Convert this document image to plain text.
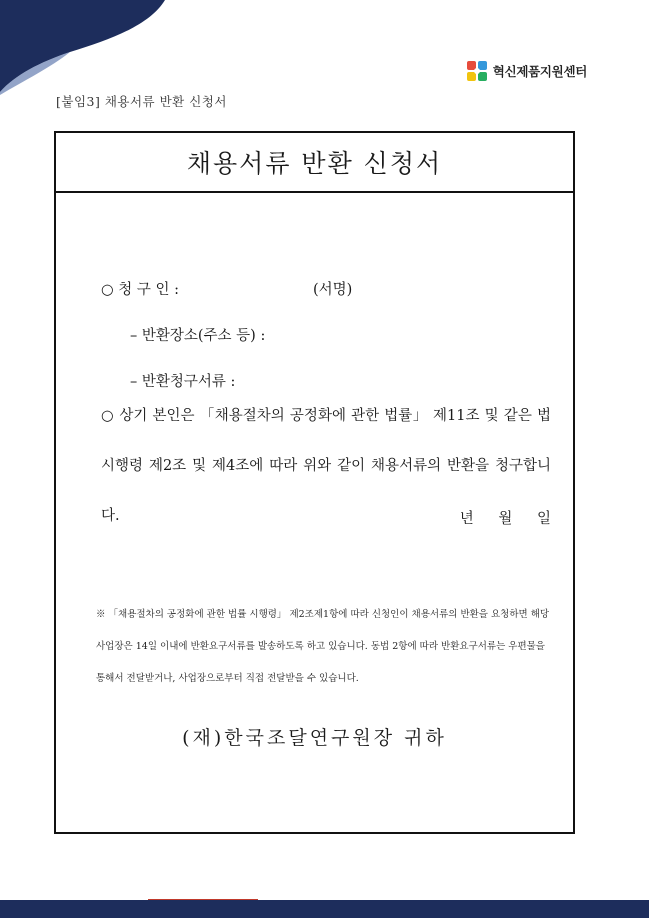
혁신제품지원센터
[붙임3] 채용서류 반환 신청서
채용서류 반환 신청서
○ 청 구 인 :	(서명)
– 반환장소(주소 등) :
– 반환청구서류 :
○ 상기 본인은 「채용절차의 공정화에 관한 법률」 제11조 및 같은 법 시행령 제2조 및 제4조에 따라 위와 같이 채용서류의 반환을 청구합니다.	년 월 일
※ 「채용절차의 공정화에 관한 법률 시행령」 제2조제1항에 따라 신청인이 채용서류의 반환을 요청하면 해당 사업장은 14일 이내에 반환요구서류를 발송하도록 하고 있습니다. 동법 2항에 따라 반환요구서류는 우편물을 통해서 전달받거나, 사업장으로부터 직접 전달받을 수 있습니다.
(재)한국조달연구원장 귀하
